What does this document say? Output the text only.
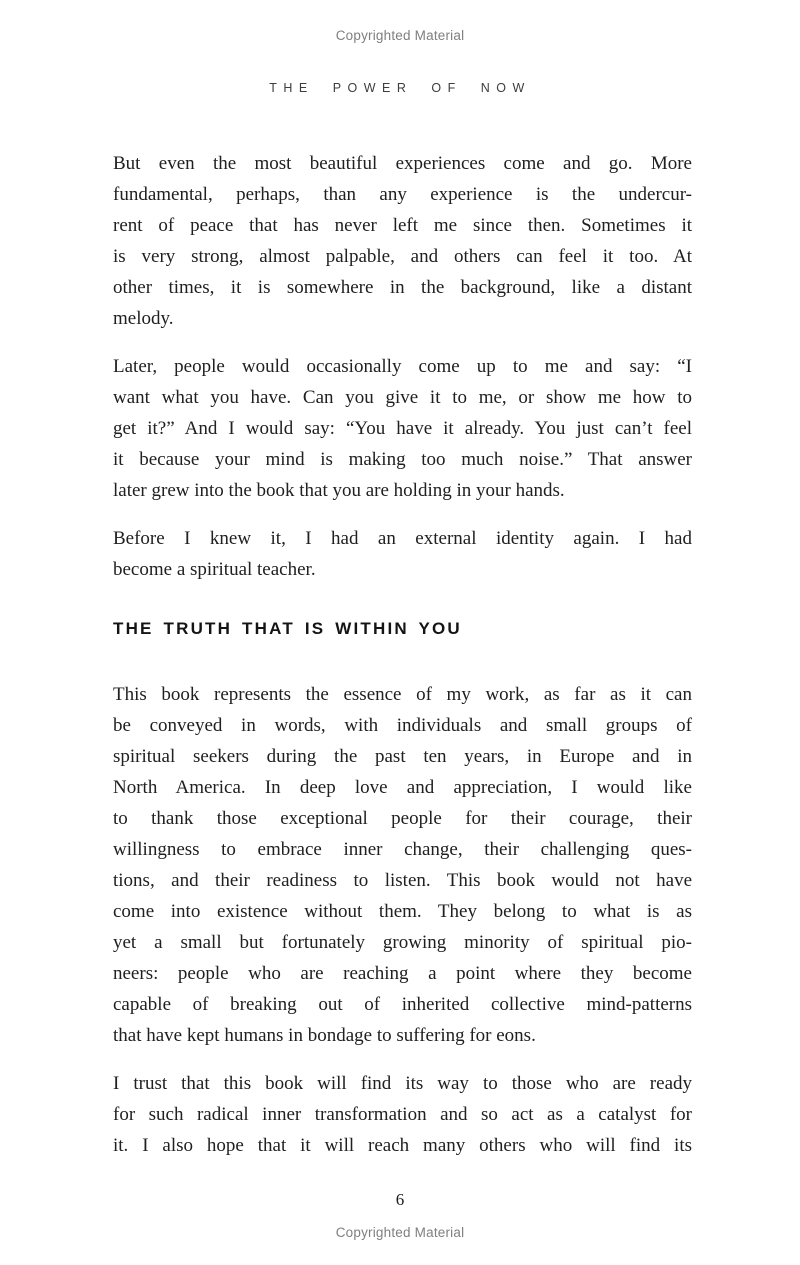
Copyrighted Material
THE POWER OF NOW

But even the most beautiful experiences come and go. More
fundamental, perhaps, than any experience is the undercur-
rent of peace that has never left me since then. Sometimes it
is very strong, almost palpable, and others can feel it too. At
other times, it is somewhere in the background, like a distant
melody.

Later, people would occasionally come up to me and say: “I
want what you have. Can you give it to me, or show me how to
get it?” And I would say: “You have it already. You just can’t feel
it because your mind is making too much noise.” That answer
later grew into the book that you are holding in your hands.

Before I knew it, I had an external identity again. I had
become a spiritual teacher.

THE TRUTH THAT IS WITHIN YOU

This book represents the essence of my work, as far as it can
be conveyed in words, with individuals and small groups of
spiritual seekers during the past ten years, in Europe and in
North America. In deep love and appreciation, I would like
to thank those exceptional people for their courage, their
willingness to embrace inner change, their challenging ques-
tions, and their readiness to listen. This book would not have
come into existence without them. They belong to what is as
yet a small but fortunately growing minority of spiritual pio-
neers: people who are reaching a point where they become
capable of breaking out of inherited collective mind-patterns
that have kept humans in bondage to suffering for eons.

I trust that this book will find its way to those who are ready
for such radical inner transformation and so act as a catalyst for
it. I also hope that it will reach many others who will find its

6
Copyrighted Material
